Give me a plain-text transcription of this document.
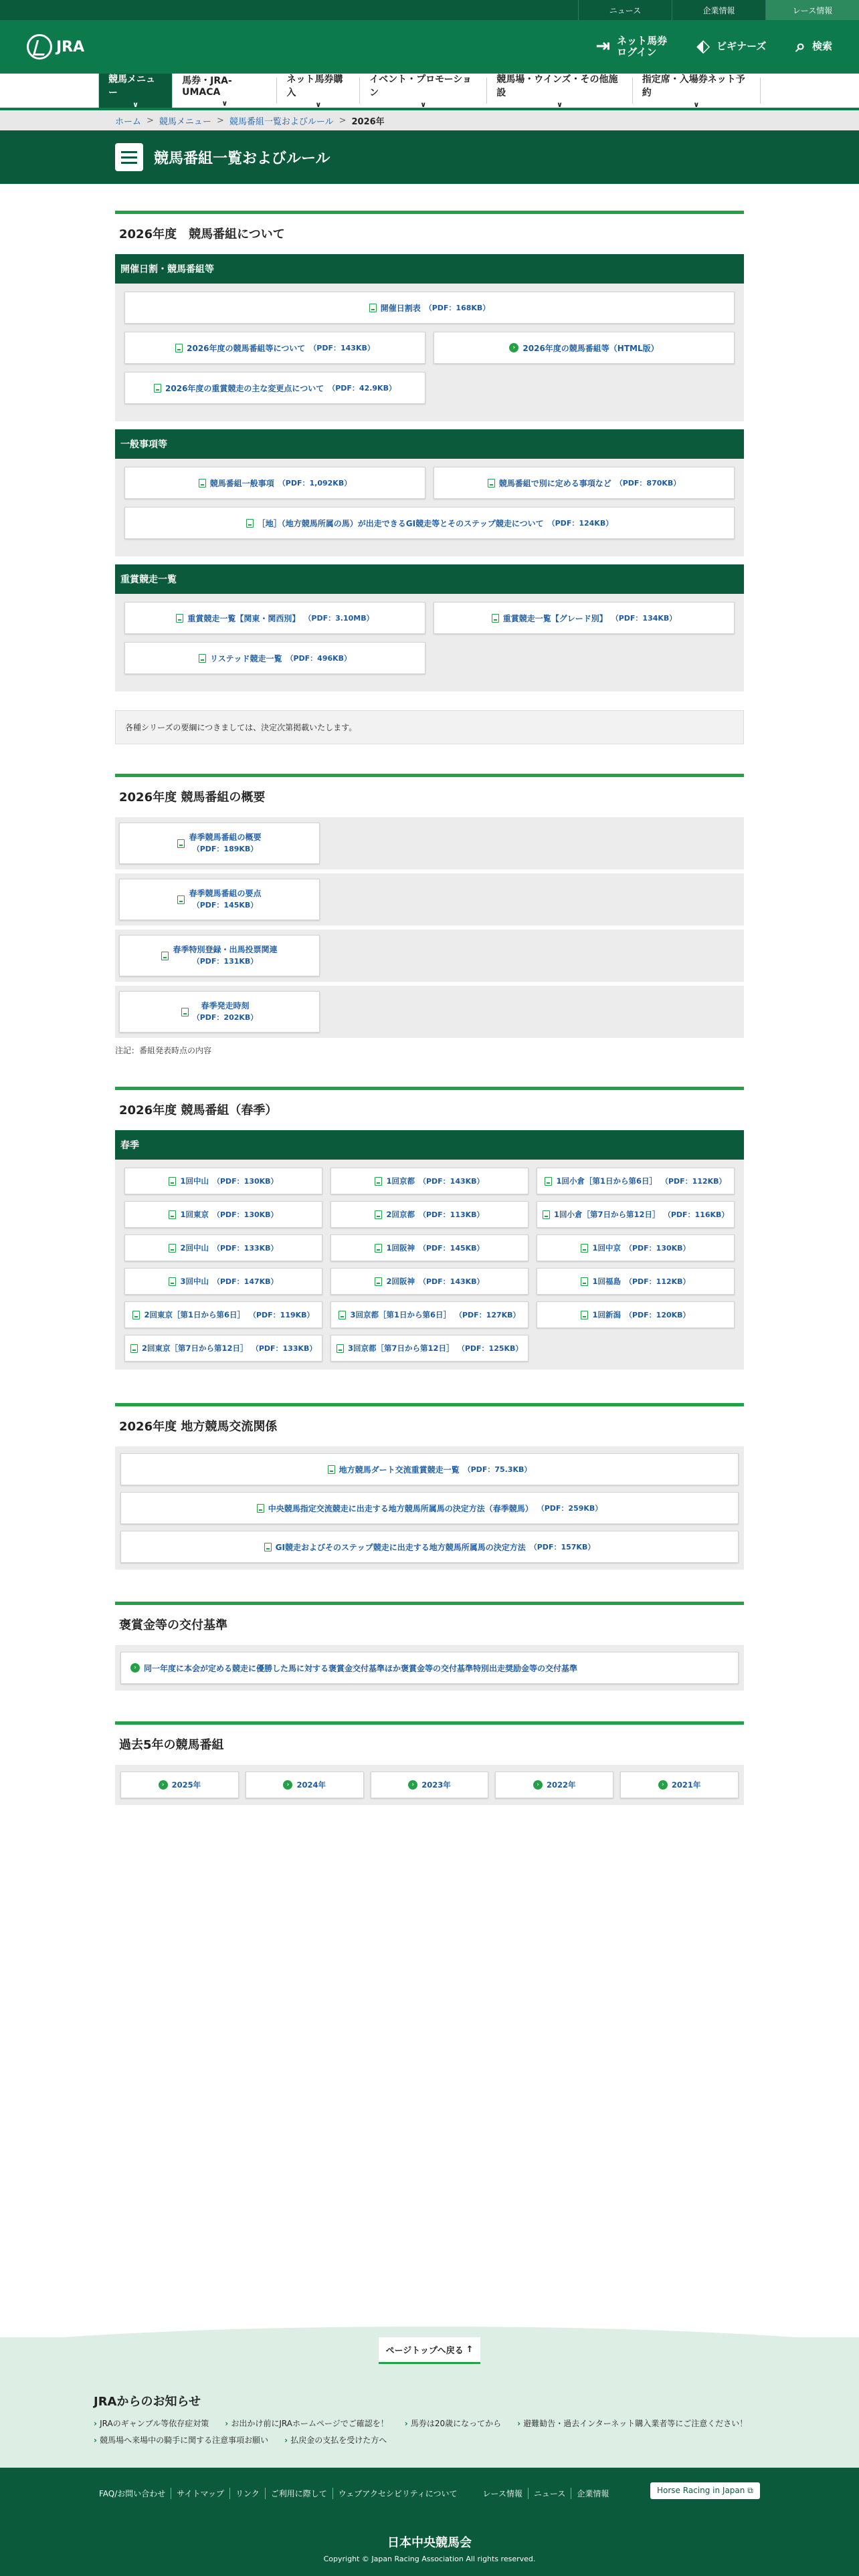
ニュース	企業情報	レース情報
JRA	⇥ ネット馬券
ログイン	⬖ ビギナーズ ⌕ 検索
競馬メニュー
∨
馬券・JRA-UMACA
∨
ネット馬券購入
∨
イベント・プロモーション
∨
競馬場・ウインズ・その他施設
∨
指定席・入場券ネット予約
∨
ホーム > 競馬メニュー > 競馬番組一覧およびルール > 2026年
競馬番組一覧およびルール
2026年度　競馬番組について
開催日割・競馬番組等
開催日割表 （PDF：168KB）
2026年度の競馬番組等について （PDF：143KB）	› 2026年度の競馬番組等（HTML版）
2026年度の重賞競走の主な変更点について （PDF：42.9KB）
一般事項等
競馬番組一般事項 （PDF：1,092KB）	競馬番組で別に定める事項など （PDF：870KB）
［地］（地方競馬所属の馬）が出走できるGI競走等とそのステップ競走について （PDF：124KB）
重賞競走一覧
重賞競走一覧【関東・関西別】 （PDF：3.10MB）	重賞競走一覧【グレード別】 （PDF：134KB）
リステッド競走一覧 （PDF：496KB）
各種シリーズの要綱につきましては、決定次第掲載いたします。
2026年度 競馬番組の概要
春季競馬番組の概要
（PDF：189KB）
春季競馬番組の要点
（PDF：145KB）
春季特別登録・出馬投票関連
（PDF：131KB）
春季発走時刻
（PDF：202KB）
注記：番組発表時点の内容
2026年度 競馬番組（春季）
春季
1回中山 （PDF：130KB）	1回京都 （PDF：143KB）	1回小倉［第1日から第6日］ （PDF：112KB）
1回東京 （PDF：130KB）	2回京都 （PDF：113KB）	1回小倉［第7日から第12日］ （PDF：116KB）
2回中山 （PDF：133KB）	1回阪神 （PDF：145KB）	1回中京 （PDF：130KB）
3回中山 （PDF：147KB）	2回阪神 （PDF：143KB）	1回福島 （PDF：112KB）
2回東京［第1日から第6日］ （PDF：119KB）	3回京都［第1日から第6日］ （PDF：127KB）	1回新潟 （PDF：120KB）
2回東京［第7日から第12日］ （PDF：133KB）	3回京都［第7日から第12日］ （PDF：125KB）
2026年度 地方競馬交流関係
地方競馬ダート交流重賞競走一覧 （PDF：75.3KB）
中央競馬指定交流競走に出走する地方競馬所属馬の決定方法（春季競馬） （PDF：259KB）
GI競走およびそのステップ競走に出走する地方競馬所属馬の決定方法 （PDF：157KB）
褒賞金等の交付基準
› 同一年度に本会が定める競走に優勝した馬に対する褒賞金交付基準ほか褒賞金等の交付基準特別出走奨励金等の交付基準
過去5年の競馬番組
› 2025年	› 2024年	› 2023年	› 2022年	› 2021年
ページトップへ戻る ↑
JRAからのお知らせ
› JRAのギャンブル等依存症対策	› お出かけ前にJRAホームページでご確認を！	› 馬券は20歳になってから	› 避難勧告・過去インターネット購入業者等にご注意ください！
› 競馬場へ来場中の騎手に関する注意事項お願い	› 払戻金の支払を受けた方へ
FAQ/お問い合わせ	サイトマップ	リンク	ご利用に際して	ウェブアクセシビリティについて	レース情報	ニュース	企業情報	Horse Racing in Japan ⧉
日本中央競馬会
Copyright © Japan Racing Association All rights reserved.
